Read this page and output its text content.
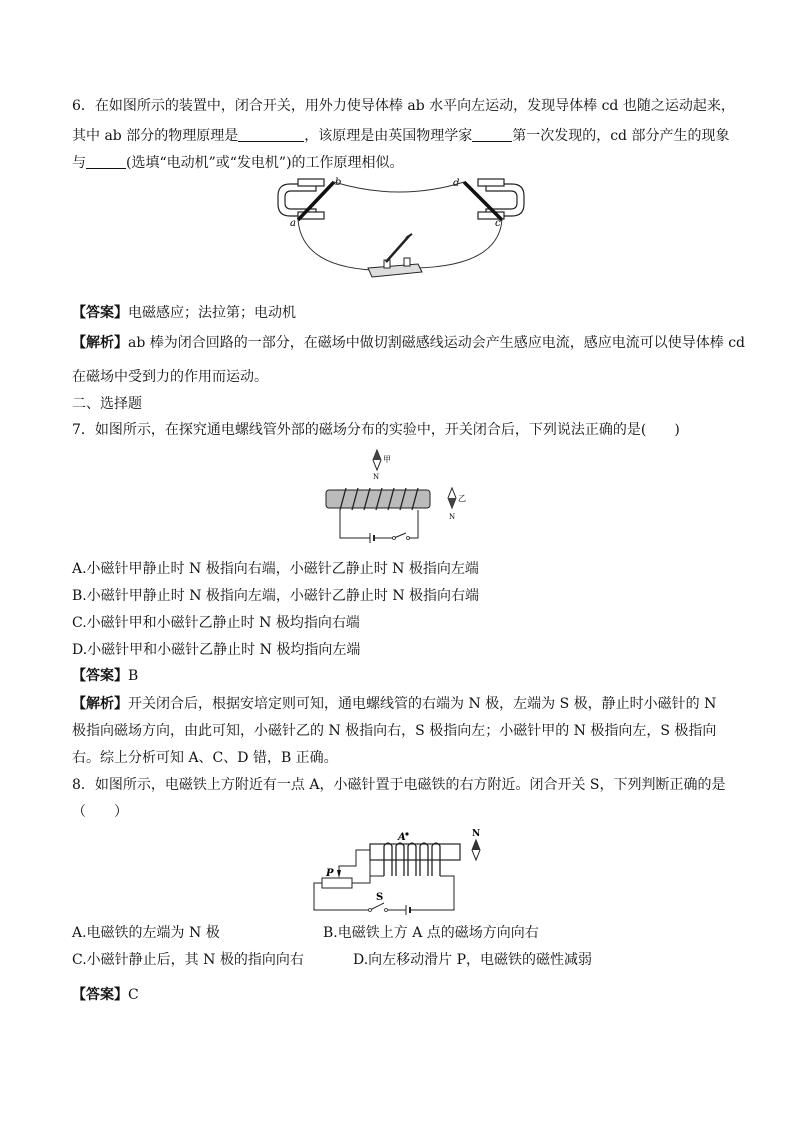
6．在如图所示的装置中，闭合开关，用外力使导体棒 ab 水平向左运动，发现导体棒 cd 也随之运动起来，
其中 ab 部分的物理原理是	，该原理是由英国物理学家	第一次发现的，cd 部分产生的现象
与	(选填“电动机”或“发电机”)的工作原理相似。
a
b	d
c
【答案】电磁感应；法拉第；电动机
【解析】ab 棒为闭合回路的一部分，在磁场中做切割磁感线运动会产生感应电流，感应电流可以使导体棒 cd
在磁场中受到力的作用而运动。
二、选择题
7．如图所示，在探究通电螺线管外部的磁场分布的实验中，开关闭合后，下列说法正确的是(　　)
甲
N
乙
N
A.小磁针甲静止时 N 极指向右端，小磁针乙静止时 N 极指向左端
B.小磁针甲静止时 N 极指向左端，小磁针乙静止时 N 极指向右端
C.小磁针甲和小磁针乙静止时 N 极均指向右端
D.小磁针甲和小磁针乙静止时 N 极均指向左端
【答案】B
【解析】开关闭合后，根据安培定则可知，通电螺线管的右端为 N 极，左端为 S 极，静止时小磁针的 N
极指向磁场方向，由此可知，小磁针乙的 N 极指向右，S 极指向左；小磁针甲的 N 极指向左，S 极指向
右。综上分析可知 A、C、D 错，B 正确。
8．如图所示，电磁铁上方附近有一点 A，小磁针置于电磁铁的右方附近。闭合开关 S，下列判断正确的是
（　　）
A	N
P
S
A.电磁铁的左端为 N 极	B.电磁铁上方 A 点的磁场方向向右
C.小磁针静止后，其 N 极的指向向右	D.向左移动滑片 P，电磁铁的磁性减弱
【答案】C
